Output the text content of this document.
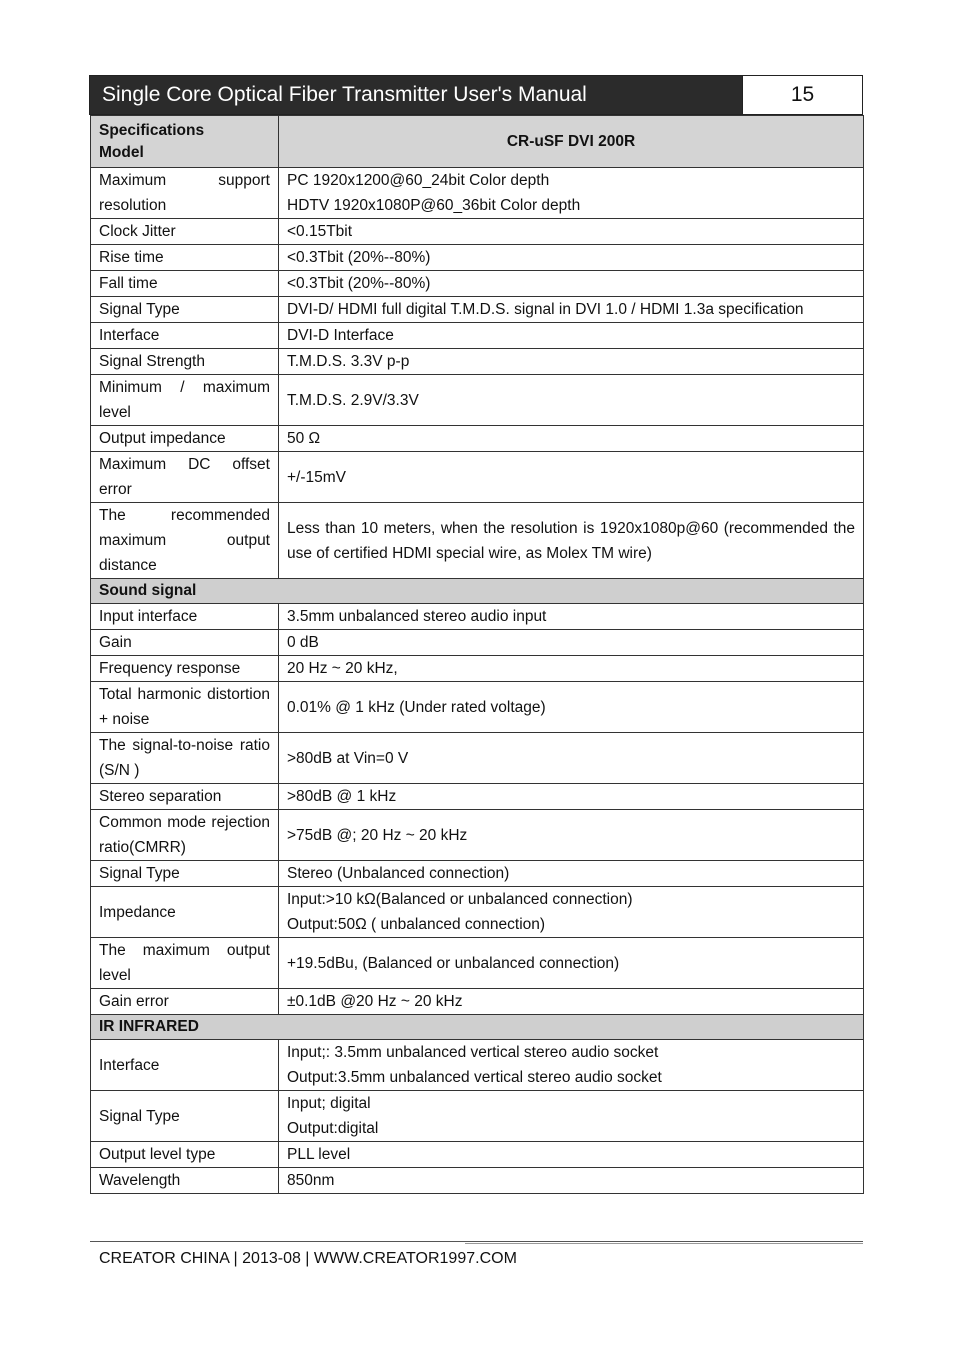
Single Core Optical Fiber Transmitter User's Manual	15
Specifications
Model	CR-uSF DVI 200R
Maximum support resolution	PC 1920x1200@60_24bit Color depth
HDTV 1920x1080P@60_36bit Color depth

Clock Jitter	<0.15Tbit

Rise time	<0.3Tbit (20%--80%)

Fall time	<0.3Tbit (20%--80%)

Signal Type	DVI-D/ HDMI full digital T.M.D.S. signal in DVI 1.0 / HDMI 1.3a specification

Interface	DVI-D Interface

Signal Strength	T.M.D.S. 3.3V p-p

Minimum / maximum level	T.M.D.S. 2.9V/3.3V

Output impedance	50 Ω

Maximum DC offset error	+/-15mV

The recommended maximum output distance	Less than 10 meters, when the resolution is 1920x1080p@60 (recommended the use of certified HDMI special wire, as Molex TM wire)

Sound signal	
Input interface	3.5mm unbalanced stereo audio input

Gain	0 dB

Frequency response	20 Hz ~ 20 kHz,

Total harmonic distortion + noise	0.01% @ 1 kHz (Under rated voltage)

The signal-to-noise ratio (S/N )	>80dB at Vin=0 V

Stereo separation	>80dB @ 1 kHz

Common mode rejection ratio(CMRR)	>75dB @; 20 Hz ~ 20 kHz

Signal Type	Stereo (Unbalanced connection)

Impedance	Input:>10 kΩ(Balanced or unbalanced connection)
Output:50Ω ( unbalanced connection)

The maximum output level	+19.5dBu, (Balanced or unbalanced connection)

Gain error	±0.1dB @20 Hz ~ 20 kHz

IR INFRARED	
Interface	Input;: 3.5mm unbalanced vertical stereo audio socket
Output:3.5mm unbalanced vertical stereo audio socket

Signal Type	Input; digital
Output:digital

Output level type	PLL level

Wavelength	850nm
CREATOR CHINA | 2013-08 | WWW.CREATOR1997.COM
